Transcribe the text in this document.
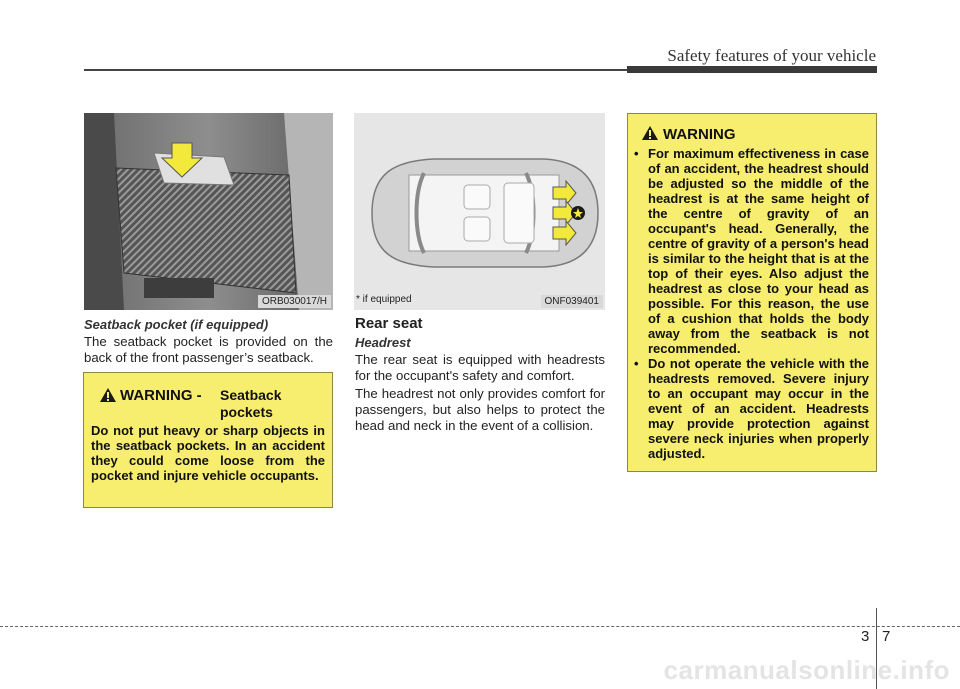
Safety features of your vehicle
ORB030017/H
Seatback pocket (if equipped)
The seatback pocket is provided on the back of the front passenger’s seatback.
WARNING - Seatback pockets
Do not put heavy or sharp objects in the seatback pockets. In an accident they could come loose from the pocket and injure vehicle occupants.
* if equipped	ONF039401
Rear seat
Headrest
The rear seat is equipped with headrests for the occupant's safety and comfort.
The headrest not only provides comfort for passengers, but also helps to protect the head and neck in the event of a collision.
WARNING
• For maximum effectiveness in case of an accident, the headrest should be adjusted so the middle of the headrest is at the same height of the centre of gravity of an occupant's head. Generally, the centre of gravity of a person's head is similar to the height that is at the top of their eyes. Also adjust the headrest as close to your head as possible. For this reason, the use of a cushion that holds the body away from the seatback is not recommended.
• Do not operate the vehicle with the headrests removed. Severe injury to an occupant may occur in the event of an accident. Headrests may provide protection against severe neck injuries when properly adjusted.
3 7
carmanualsonline.info
